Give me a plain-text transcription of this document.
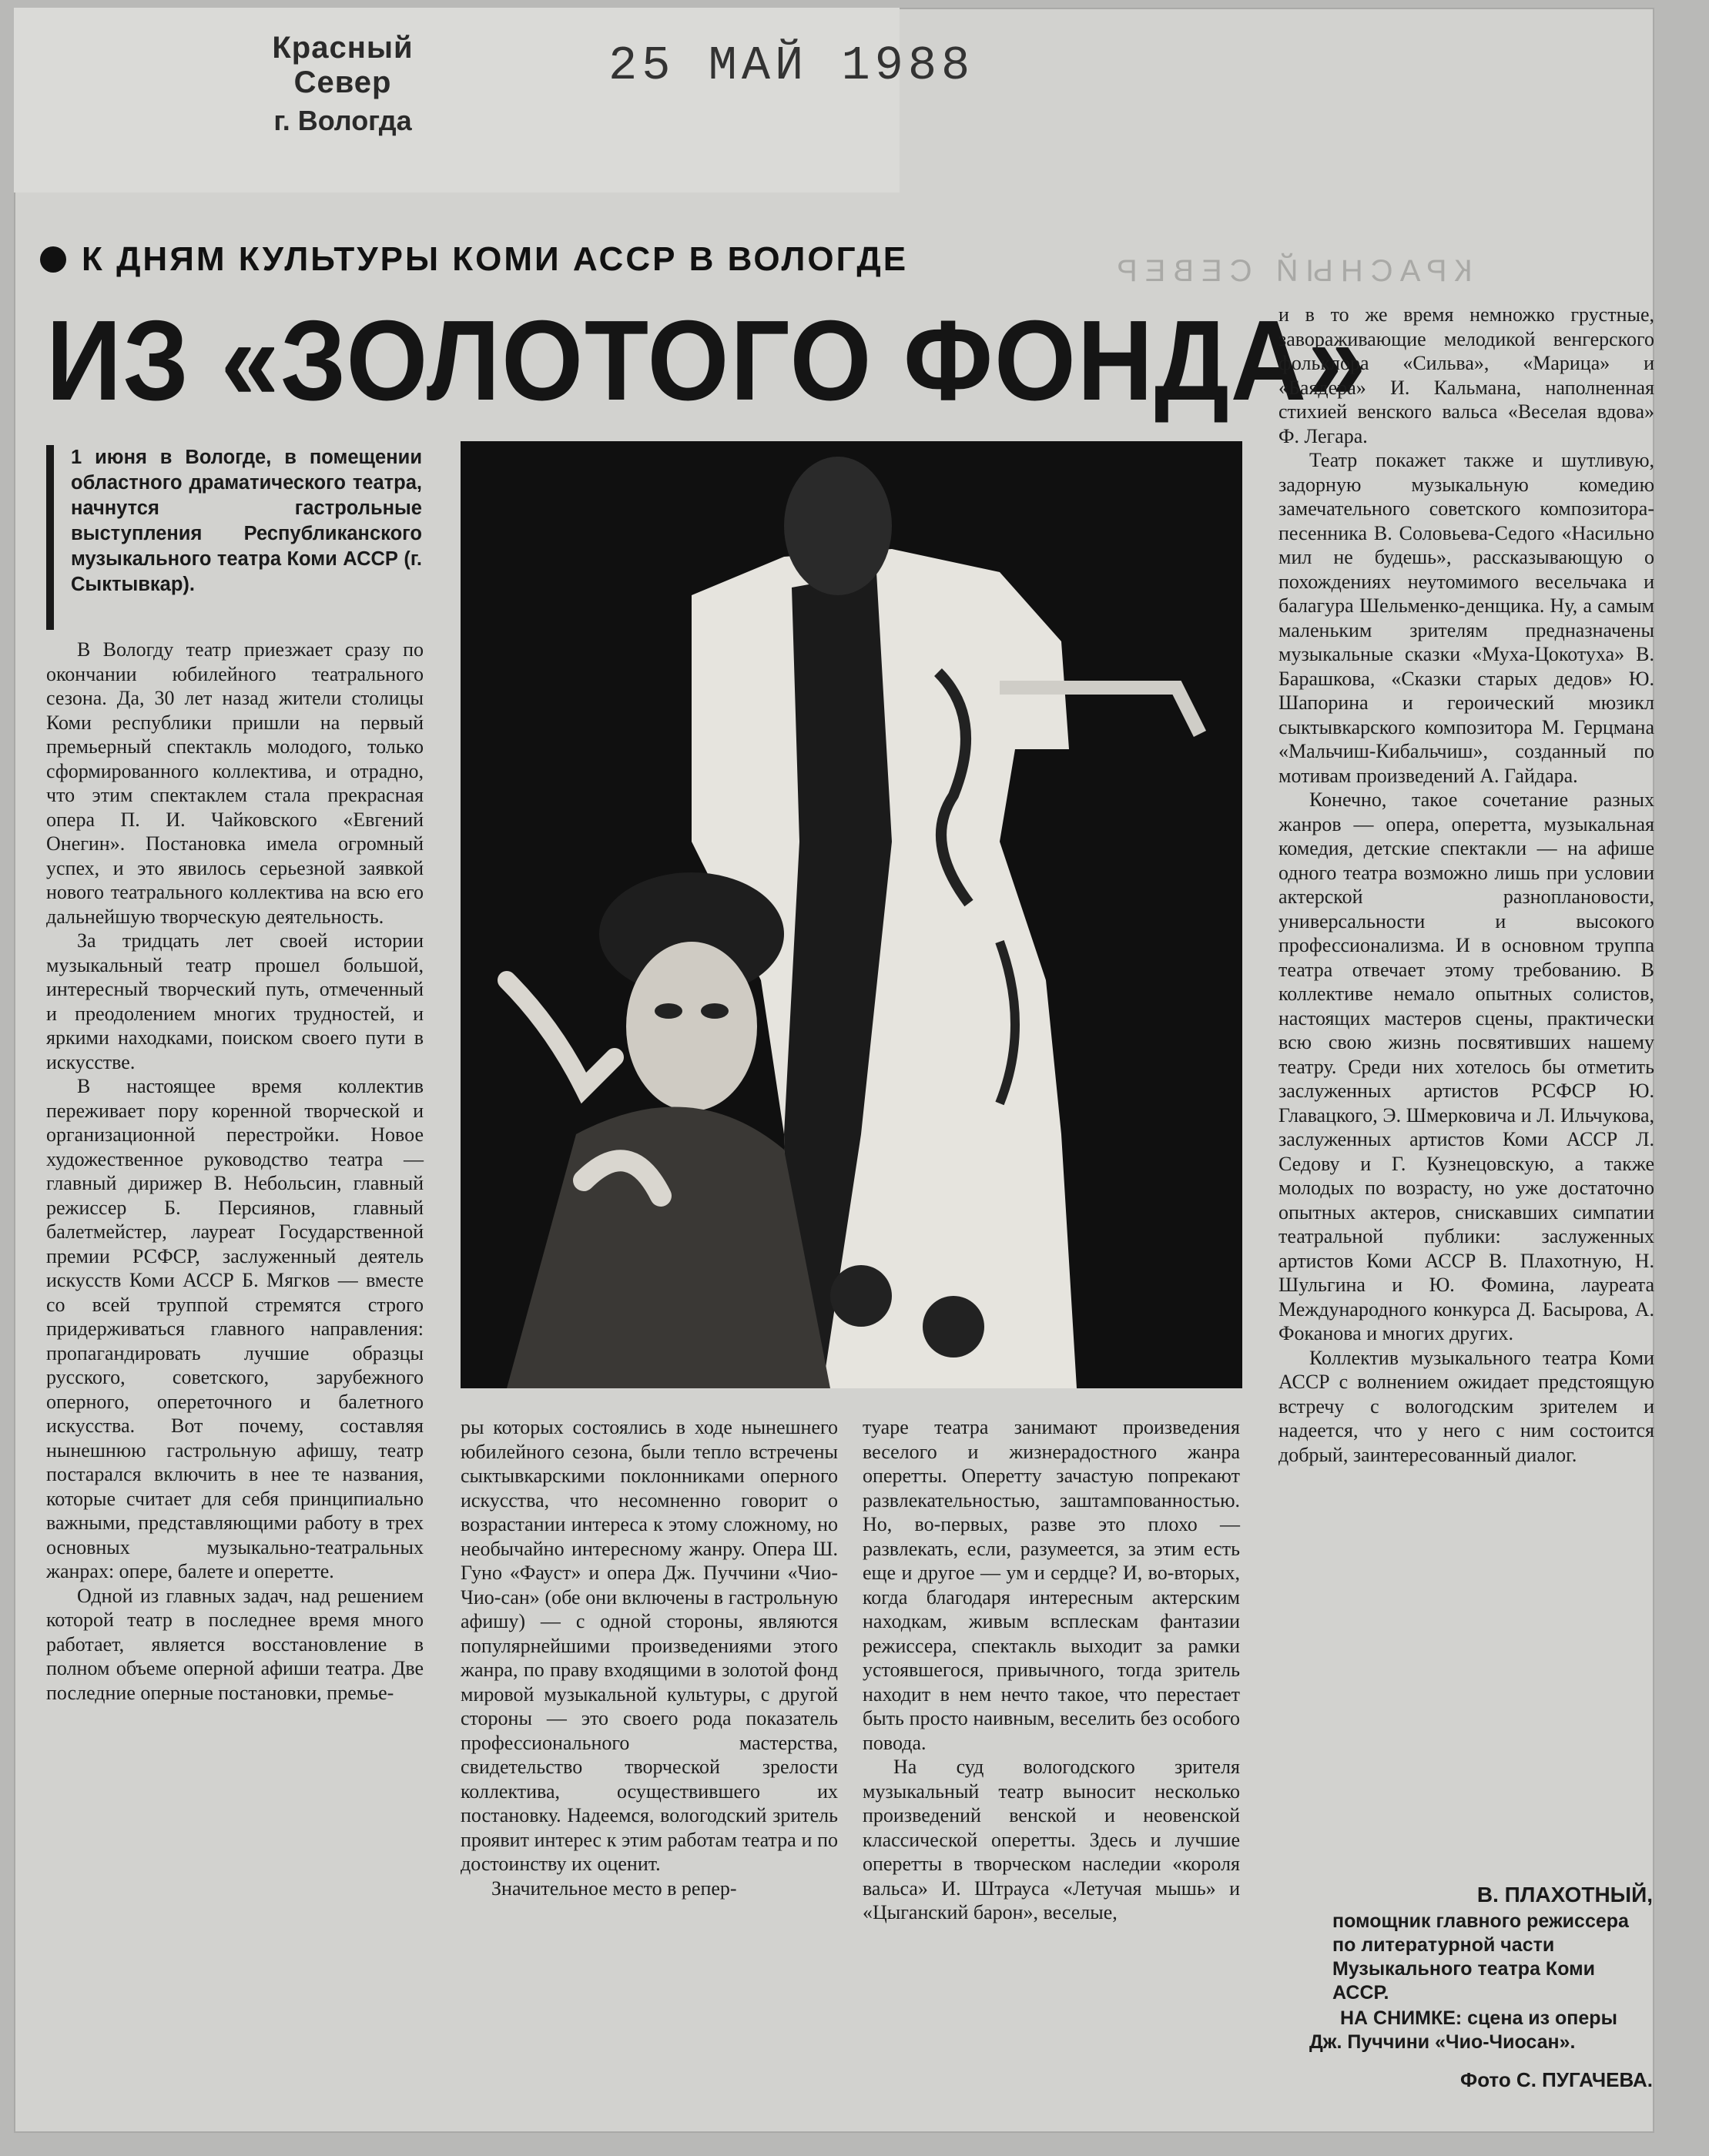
Красный Север
г. Вологда
25 МАЙ 1988
КРАСНЫЙ СЕВЕР
К ДНЯМ КУЛЬТУРЫ КОМИ АССР В ВОЛОГДЕ
ИЗ «ЗОЛОТОГО ФОНДА»
1 июня в Вологде, в помещении областного драматического театра, начнутся гастрольные выступления Республиканского музыкального театра Коми АССР (г. Сыктывкар).

В Вологду театр приезжает сразу по окончании юбилейного театрального сезона. Да, 30 лет назад жители столицы Коми республики пришли на первый премьерный спектакль молодого, только сформированного коллектива, и отрадно, что этим спектаклем стала прекрасная опера П. И. Чайковского «Евгений Онегин». Постановка имела огромный успех, и это явилось серьезной заявкой нового театрального коллектива на всю его дальнейшую творческую деятельность.

За тридцать лет своей истории музыкальный театр прошел большой, интересный творческий путь, отмеченный и преодолением многих трудностей, и яркими находками, поиском своего пути в искусстве.

В настоящее время коллектив переживает пору коренной творческой и организационной перестройки. Новое художественное руководство театра — главный дирижер В. Небольсин, главный режиссер Б. Персиянов, главный балетмейстер, лауреат Государственной премии РСФСР, заслуженный деятель искусств Коми АССР Б. Мягков — вместе со всей труппой стремятся строго придерживаться главного направления: пропагандировать лучшие образцы русского, советского, зарубежного оперного, опереточного и балетного искусства. Вот почему, составляя нынешнюю гастрольную афишу, театр постарался включить в нее те названия, которые считает для себя принципиально важными, представляющими работу в трех основных музыкально-театральных жанрах: опере, балете и оперетте.

Одной из главных задач, над решением которой театр в последнее время много работает, является восстановление в полном объеме оперной афиши театра. Две последние оперные постановки, премье-

ры которых состоялись в ходе нынешнего юбилейного сезона, были тепло встречены сыктывкарскими поклонниками оперного искусства, что несомненно говорит о возрастании интереса к этому сложному, но необычайно интересному жанру. Опера Ш. Гуно «Фауст» и опера Дж. Пуччини «Чио-Чио-сан» (обе они включены в гастрольную афишу) — с одной стороны, являются популярнейшими произведениями этого жанра, по праву входящими в золотой фонд мировой музыкальной культуры, с другой стороны — это своего рода показатель профессионального мастерства, свидетельство творческой зрелости коллектива, осуществившего их постановку. Надеемся, вологодский зритель проявит интерес к этим работам театра и по достоинству их оценит.

Значительное место в репер-

туаре театра занимают произведения веселого и жизнерадостного жанра оперетты. Оперетту зачастую попрекают развлекательностью, заштампованностью. Но, во-первых, разве это плохо — развлекать, если, разумеется, за этим есть еще и другое — ум и сердце? И, во-вторых, когда благодаря интересным актерским находкам, живым всплескам фантазии режиссера, спектакль выходит за рамки устоявшегося, привычного, тогда зритель находит в нем нечто такое, что перестает быть просто наивным, веселить без особого повода.

На суд вологодского зрителя музыкальный театр выносит несколько произведений венской и неовенской классической оперетты. Здесь и лучшие оперетты в творческом наследии «короля вальса» И. Штрауса «Летучая мышь» и «Цыганский барон», веселые,

и в то же время немножко грустные, завораживающие мелодикой венгерского фольклора «Сильва», «Марица» и «Баядера» И. Кальмана, наполненная стихией венского вальса «Веселая вдова» Ф. Легара.

Театр покажет также и шутливую, задорную музыкальную комедию замечательного советского композитора-песенника В. Соловьева-Седого «Насильно мил не будешь», рассказывающую о похождениях неутомимого весельчака и балагура Шельменко-денщика. Ну, а самым маленьким зрителям предназначены музыкальные сказки «Муха-Цокотуха» В. Барашкова, «Сказки старых дедов» Ю. Шапорина и героический мюзикл сыктывкарского композитора М. Герцмана «Мальчиш-Кибальчиш», созданный по мотивам произведений А. Гайдара.

Конечно, такое сочетание разных жанров — опера, оперетта, музыкальная комедия, детские спектакли — на афише одного театра возможно лишь при условии актерской разноплановости, универсальности и высокого профессионализма. И в основном труппа театра отвечает этому требованию. В коллективе немало опытных солистов, настоящих мастеров сцены, практически всю свою жизнь посвятивших нашему театру. Среди них хотелось бы отметить заслуженных артистов РСФСР Ю. Главацкого, Э. Шмерковича и Л. Ильчукова, заслуженных артистов Коми АССР Л. Седову и Г. Кузнецовскую, а также молодых по возрасту, но уже достаточно опытных актеров, снискавших симпатии театральной публики: заслуженных артистов Коми АССР В. Плахотную, Н. Шульгина и Ю. Фомина, лауреата Международного конкурса Д. Басырова, А. Фоканова и многих других.

Коллектив музыкального театра Коми АССР с волнением ожидает предстоящую встречу с вологодским зрителем и надеется, что у него с ним состоится добрый, заинтересованный диалог.

В. ПЛАХОТНЫЙ,
помощник главного режиссера по литературной части Музыкального театра Коми АССР.
НА СНИМКЕ: сцена из оперы Дж. Пуччини «Чио-Чиосан».
Фото С. ПУГАЧЕВА.
